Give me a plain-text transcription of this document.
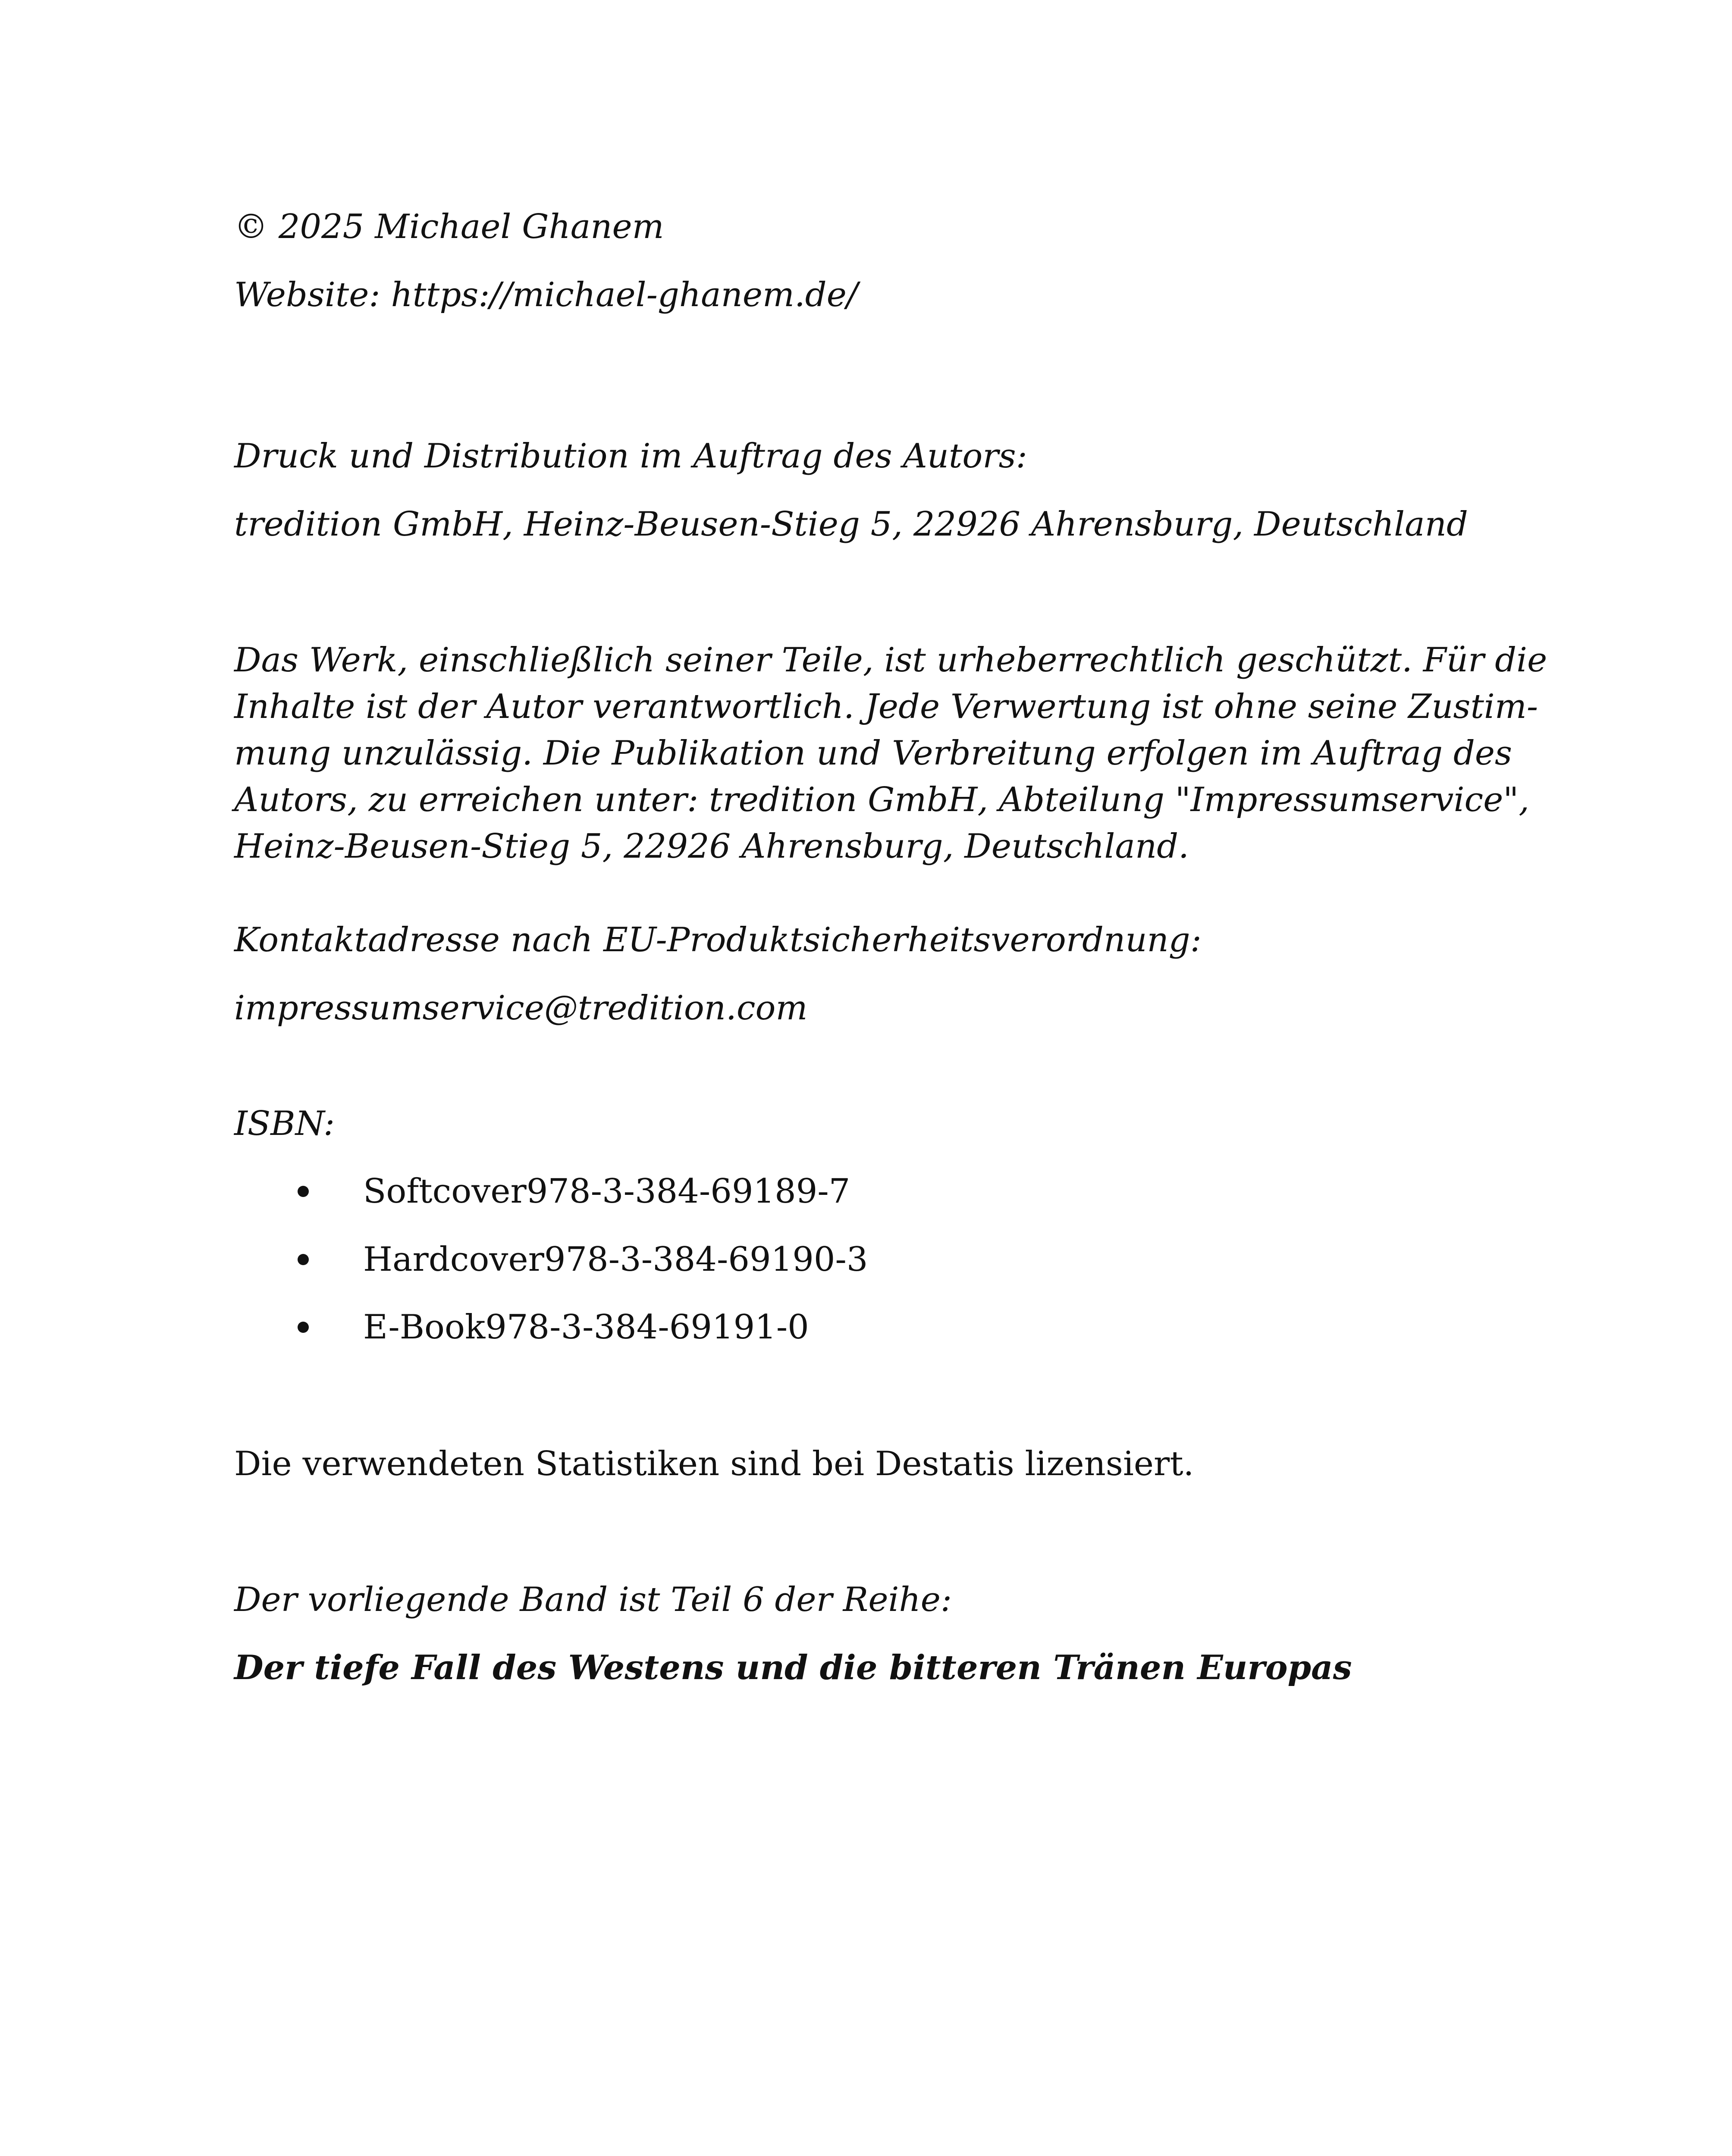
© 2025 Michael Ghanem
Website: https://michael-ghanem.de/
Druck und Distribution im Auftrag des Autors:
tredition GmbH, Heinz-Beusen-Stieg 5, 22926 Ahrensburg, Deutschland
Das Werk, einschließlich seiner Teile, ist urheberrechtlich geschützt. Für die
Inhalte ist der Autor verantwortlich. Jede Verwertung ist ohne seine Zustim-
mung unzulässig. Die Publikation und Verbreitung erfolgen im Auftrag des
Autors, zu erreichen unter: tredition GmbH, Abteilung "Impressumservice",
Heinz-Beusen-Stieg 5, 22926 Ahrensburg, Deutschland.
Kontaktadresse nach EU-Produktsicherheitsverordnung:
impressumservice@tredition.com
ISBN:
Softcover978-3-384-69189-7
Hardcover978-3-384-69190-3
E-Book978-3-384-69191-0
Die verwendeten Statistiken sind bei Destatis lizensiert.
Der vorliegende Band ist Teil 6 der Reihe:
Der tiefe Fall des Westens und die bitteren Tränen Europas
